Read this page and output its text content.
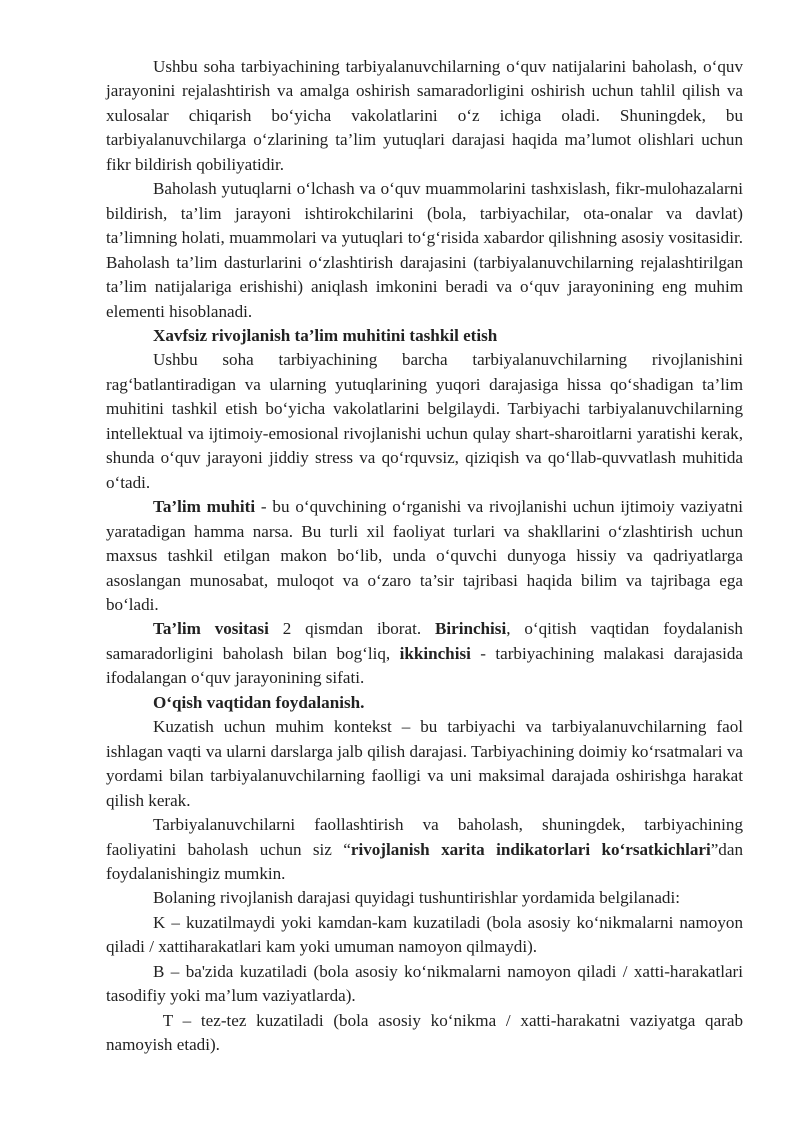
Ushbu soha tarbiyachining tarbiyalanuvchilarning o‘quv natijalarini baholash, o‘quv jarayonini rejalashtirish va amalga oshirish samaradorligini oshirish uchun tahlil qilish va xulosalar chiqarish bo‘yicha vakolatlarini o‘z ichiga oladi. Shuningdek, bu tarbiyalanuvchilarga o‘zlarining ta’lim yutuqlari darajasi haqida ma’lumot olishlari uchun fikr bildirish qobiliyatidir.

Baholash yutuqlarni o‘lchash va o‘quv muammolarini tashxislash, fikr-mulohazalarni bildirish, ta’lim jarayoni ishtirokchilarini (bola, tarbiyachilar, ota-onalar va davlat) ta’limning holati, muammolari va yutuqlari to‘g‘risida xabardor qilishning asosiy vositasidir. Baholash ta’lim dasturlarini o‘zlashtirish darajasini (tarbiyalanuvchilarning rejalashtirilgan ta’lim natijalariga erishishi) aniqlash imkonini beradi va o‘quv jarayonining eng muhim elementi hisoblanadi.

Xavfsiz rivojlanish ta’lim muhitini tashkil etish

Ushbu soha tarbiyachining barcha tarbiyalanuvchilarning rivojlanishini rag‘batlantiradigan va ularning yutuqlarining yuqori darajasiga hissa qo‘shadigan ta’lim muhitini tashkil etish bo‘yicha vakolatlarini belgilaydi. Tarbiyachi tarbiyalanuvchilarning intellektual va ijtimoiy-emosional rivojlanishi uchun qulay shart-sharoitlarni yaratishi kerak, shunda o‘quv jarayoni jiddiy stress va qo‘rquvsiz, qiziqish va qo‘llab-quvvatlash muhitida o‘tadi.

Ta’lim muhiti - bu o‘quvchining o‘rganishi va rivojlanishi uchun ijtimoiy vaziyatni yaratadigan hamma narsa. Bu turli xil faoliyat turlari va shakllarini o‘zlashtirish uchun maxsus tashkil etilgan makon bo‘lib, unda o‘quvchi dunyoga hissiy va qadriyatlarga asoslangan munosabat, muloqot va o‘zaro ta’sir tajribasi haqida bilim va tajribaga ega bo‘ladi.

Ta’lim vositasi 2 qismdan iborat. Birinchisi, o‘qitish vaqtidan foydalanish samaradorligini baholash bilan bog‘liq, ikkinchisi - tarbiyachining malakasi darajasida ifodalangan o‘quv jarayonining sifati.

O‘qish vaqtidan foydalanish.

Kuzatish uchun muhim kontekst – bu tarbiyachi va tarbiyalanuvchilarning faol ishlagan vaqti va ularni darslarga jalb qilish darajasi. Tarbiyachining doimiy ko‘rsatmalari va yordami bilan tarbiyalanuvchilarning faolligi va uni maksimal darajada oshirishga harakat qilish kerak.

Tarbiyalanuvchilarni faollashtirish va baholash, shuningdek, tarbiyachining faoliyatini baholash uchun siz “rivojlanish xarita indikatorlari ko‘rsatkichlari”dan foydalanishingiz mumkin.

Bolaning rivojlanish darajasi quyidagi tushuntirishlar yordamida belgilanadi:

K – kuzatilmaydi yoki kamdan-kam kuzatiladi (bola asosiy ko‘nikmalarni namoyon qiladi / xattiharakatlari kam yoki umuman namoyon qilmaydi).

B – ba'zida kuzatiladi (bola asosiy ko‘nikmalarni namoyon qiladi / xatti-harakatlari tasodifiy yoki ma’lum vaziyatlarda).

T – tez-tez kuzatiladi (bola asosiy ko‘nikma / xatti-harakatni vaziyatga qarab namoyish etadi).
